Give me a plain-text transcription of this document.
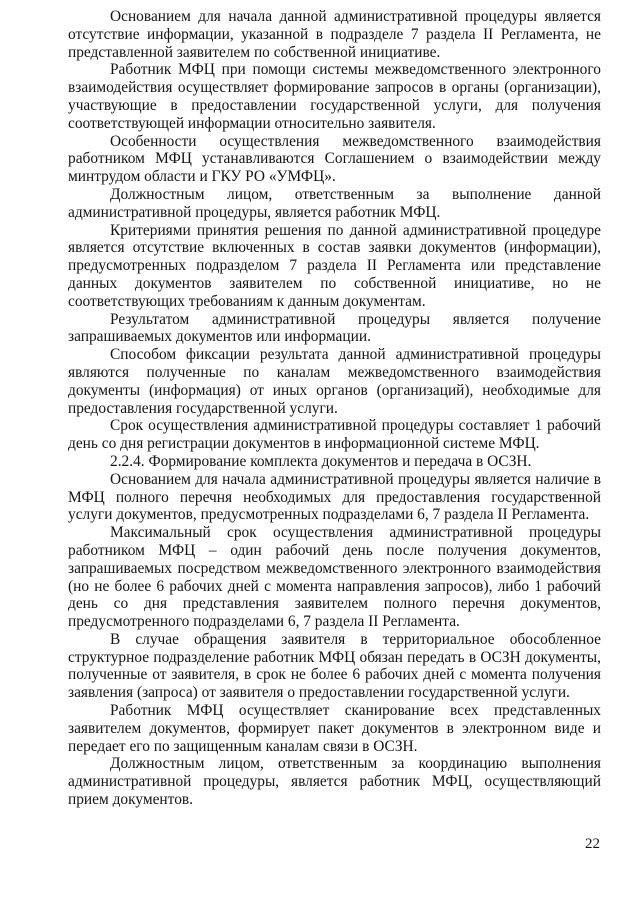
Основанием для начала данной административной процедуры является отсутствие информации, указанной в подразделе 7 раздела II Регламента, не представленной заявителем по собственной инициативе.

Работник МФЦ при помощи системы межведомственного электронного взаимодействия осуществляет формирование запросов в органы (организации), участвующие в предоставлении государственной услуги, для получения соответствующей информации относительно заявителя.

Особенности осуществления межведомственного взаимодействия работником МФЦ устанавливаются Соглашением о взаимодействии между минтрудом области и ГКУ РО «УМФЦ».

Должностным лицом, ответственным за выполнение данной административной процедуры, является работник МФЦ.

Критериями принятия решения по данной административной процедуре является отсутствие включенных в состав заявки документов (информации), предусмотренных подразделом 7 раздела II Регламента или представление данных документов заявителем по собственной инициативе, но не соответствующих требованиям к данным документам.

Результатом административной процедуры является получение запрашиваемых документов или информации.

Способом фиксации результата данной административной процедуры являются полученные по каналам межведомственного взаимодействия документы (информация) от иных органов (организаций), необходимые для предоставления государственной услуги.

Срок осуществления административной процедуры составляет 1 рабочий день со дня регистрации документов в информационной системе МФЦ.

2.2.4. Формирование комплекта документов и передача в ОСЗН.

Основанием для начала административной процедуры является наличие в МФЦ полного перечня необходимых для предоставления государственной услуги документов, предусмотренных подразделами 6, 7 раздела II Регламента.

Максимальный срок осуществления административной процедуры работником МФЦ – один рабочий день после получения документов, запрашиваемых посредством межведомственного электронного взаимодействия (но не более 6 рабочих дней с момента направления запросов), либо 1 рабочий день со дня представления заявителем полного перечня документов, предусмотренного подразделами 6, 7 раздела II Регламента.

В случае обращения заявителя в территориальное обособленное структурное подразделение работник МФЦ обязан передать в ОСЗН документы, полученные от заявителя, в срок не более 6 рабочих дней с момента получения заявления (запроса) от заявителя о предоставлении государственной услуги.

Работник МФЦ осуществляет сканирование всех представленных заявителем документов, формирует пакет документов в электронном виде и передает его по защищенным каналам связи в ОСЗН.

Должностным лицом, ответственным за координацию выполнения административной процедуры, является работник МФЦ, осуществляющий прием документов.

22
